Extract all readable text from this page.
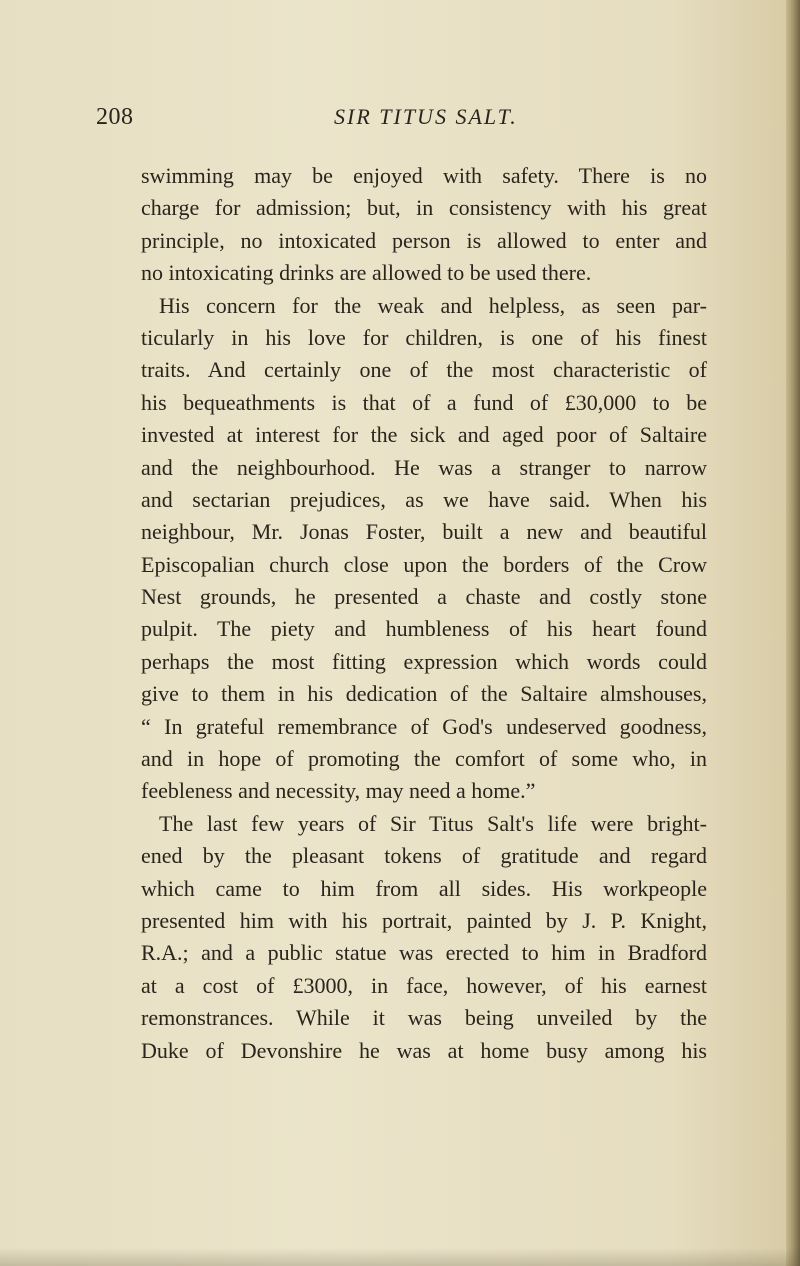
208	SIR TITUS SALT.
swimming may be enjoyed with safety. There is no
charge for admission; but, in consistency with his great
principle, no intoxicated person is allowed to enter and
no intoxicating drinks are allowed to be used there.
His concern for the weak and helpless, as seen par-
ticularly in his love for children, is one of his finest
traits. And certainly one of the most characteristic of
his bequeathments is that of a fund of £30,000 to be
invested at interest for the sick and aged poor of Saltaire
and the neighbourhood. He was a stranger to narrow
and sectarian prejudices, as we have said. When his
neighbour, Mr. Jonas Foster, built a new and beautiful
Episcopalian church close upon the borders of the Crow
Nest grounds, he presented a chaste and costly stone
pulpit. The piety and humbleness of his heart found
perhaps the most fitting expression which words could
give to them in his dedication of the Saltaire almshouses,
“ In grateful remembrance of God's undeserved goodness,
and in hope of promoting the comfort of some who, in
feebleness and necessity, may need a home.”
The last few years of Sir Titus Salt's life were bright-
ened by the pleasant tokens of gratitude and regard
which came to him from all sides. His workpeople
presented him with his portrait, painted by J. P. Knight,
R.A.; and a public statue was erected to him in Bradford
at a cost of £3000, in face, however, of his earnest
remonstrances. While it was being unveiled by the
Duke of Devonshire he was at home busy among his
